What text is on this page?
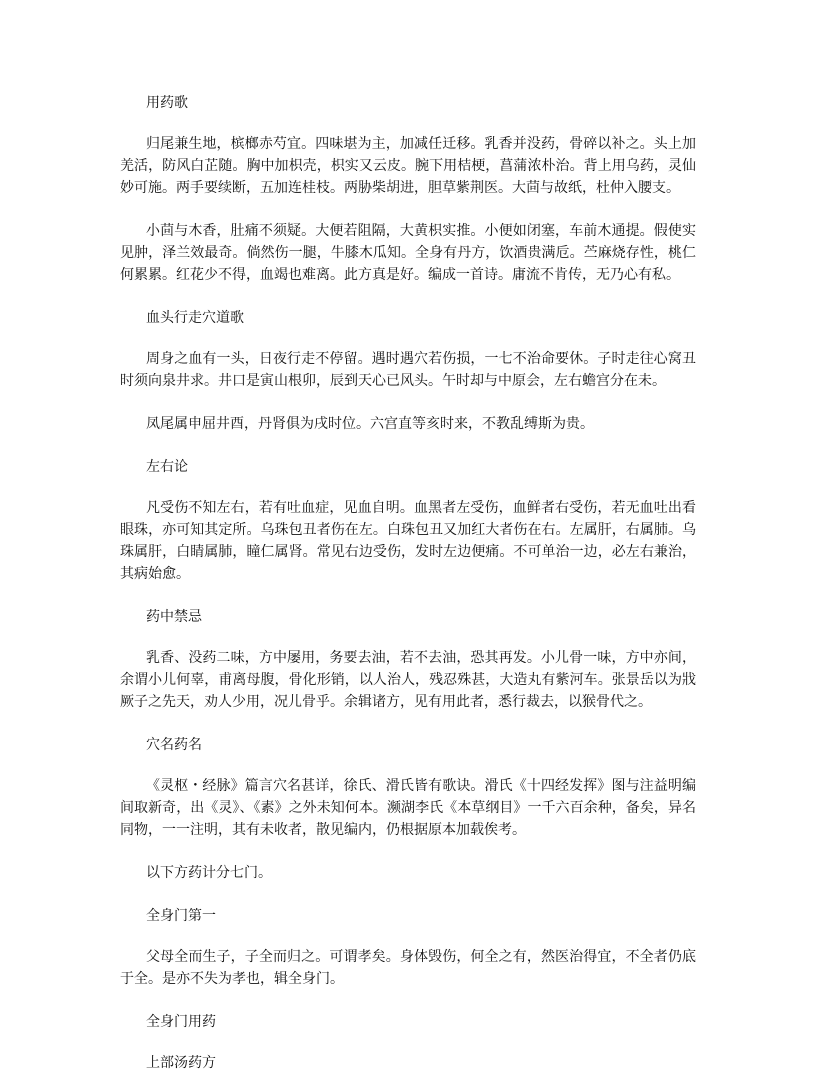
用药歌

归尾兼生地，槟榔赤芍宜。四味堪为主，加减任迁移。乳香并没药，骨碎以补之。头上加羌活，防风白芷随。胸中加枳壳，枳实又云皮。腕下用桔梗，菖蒲浓朴治。背上用乌药，灵仙妙可施。两手要续断，五加连桂枝。两胁柴胡进，胆草紫荆医。大茴与故纸，杜仲入腰支。

小茴与木香，肚痛不须疑。大便若阻隔，大黄枳实推。小便如闭塞，车前木通提。假使实见肿，泽兰效最奇。倘然伤一腿，牛膝木瓜知。全身有丹方，饮酒贵满卮。苎麻烧存性，桃仁何累累。红花少不得，血竭也难离。此方真是好。编成一首诗。庸流不肯传，无乃心有私。

血头行走穴道歌

周身之血有一头，日夜行走不停留。遇时遇穴若伤损，一七不治命要休。子时走往心窝丑时须向泉井求。井口是寅山根卯，辰到天心已风头。午时却与中原会，左右蟾宫分在未。

凤尾属申屈井酉，丹肾俱为戌时位。六宫直等亥时来，不教乱缚斯为贵。

左右论

凡受伤不知左右，若有吐血症，见血自明。血黑者左受伤，血鲜者右受伤，若无血吐出看眼珠，亦可知其定所。乌珠包丑者伤在左。白珠包丑又加红大者伤在右。左属肝，右属肺。乌珠属肝，白睛属肺，瞳仁属肾。常见右边受伤，发时左边便痛。不可单治一边，必左右兼治，其病始愈。

药中禁忌

乳香、没药二味，方中屡用，务要去油，若不去油，恐其再发。小儿骨一味，方中亦间，余谓小儿何辜，甫离母腹，骨化形销，以人治人，残忍殊甚，大造丸有紫河车。张景岳以为戕厥子之先天，劝人少用，况儿骨乎。余辑诸方，见有用此者，悉行裁去，以猴骨代之。

穴名药名

《灵枢・经脉》篇言穴名甚详，徐氏、滑氏皆有歌诀。滑氏《十四经发挥》图与注益明编间取新奇，出《灵》、《素》之外未知何本。濒湖李氏《本草纲目》一千六百余种，备矣，异名同物，一一注明，其有未收者，散见编内，仍根据原本加载俟考。

以下方药计分七门。

全身门第一

父母全而生子，子全而归之。可谓孝矣。身体毁伤，何全之有，然医治得宜，不全者仍底于全。是亦不失为孝也，辑全身门。

全身门用药
上部汤药方
